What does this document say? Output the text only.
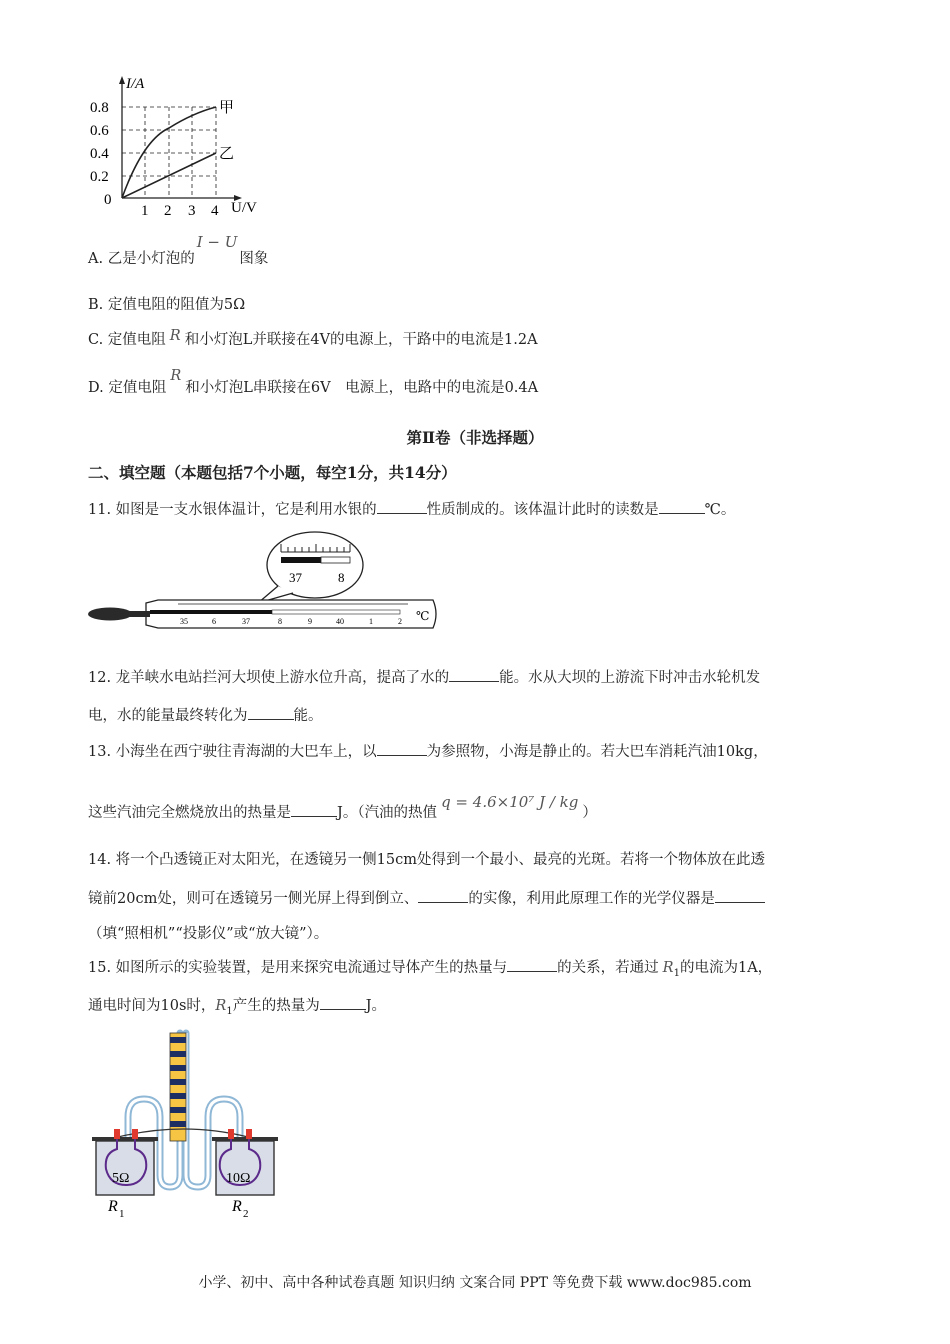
I/A
U/V
0.8
0.6
0.4
0.2
0
1 2 3 4
甲
乙
A. 乙是小灯泡的I − U图象
B. 定值电阻的阻值为5Ω
C. 定值电阻 R 和小灯泡L并联接在4V的电源上，干路中的电流是1.2A
D. 定值电阻R和小灯泡L串联接在6V　电源上，电路中的电流是0.4A
第Ⅱ卷（非选择题）
二、填空题（本题包括7个小题，每空1分，共14分）
11. 如图是一支水银体温计，它是利用水银的	性质制成的。该体温计此时的读数是	℃。
37	8
35	6	37	8	9	40	1	2 ℃
12. 龙羊峡水电站拦河大坝使上游水位升高，提高了水的	能。水从大坝的上游流下时冲击水轮机发
电，水的能量最终转化为	能。
13. 小海坐在西宁驶往青海湖的大巴车上，以	为参照物，小海是静止的。若大巴车消耗汽油10kg，
这些汽油完全燃烧放出的热量是	J。（汽油的热值q = 4.6×10⁷ J / kg）
14. 将一个凸透镜正对太阳光，在透镜另一侧15cm处得到一个最小、最亮的光斑。若将一个物体放在此透
镜前20cm处，则可在透镜另一侧光屏上得到倒立、	的实像，利用此原理工作的光学仪器是
（填“照相机”“投影仪”或“放大镜”）。
15. 如图所示的实验装置，是用来探究电流通过导体产生的热量与	的关系，若通过 $R_1$的电流为1A，
通电时间为10s时，$R_1$产生的热量为	J。
5Ω	10Ω
R 1	R 2
小学、初中、高中各种试卷真题 知识归纳 文案合同 PPT 等免费下载 www.doc985.com
